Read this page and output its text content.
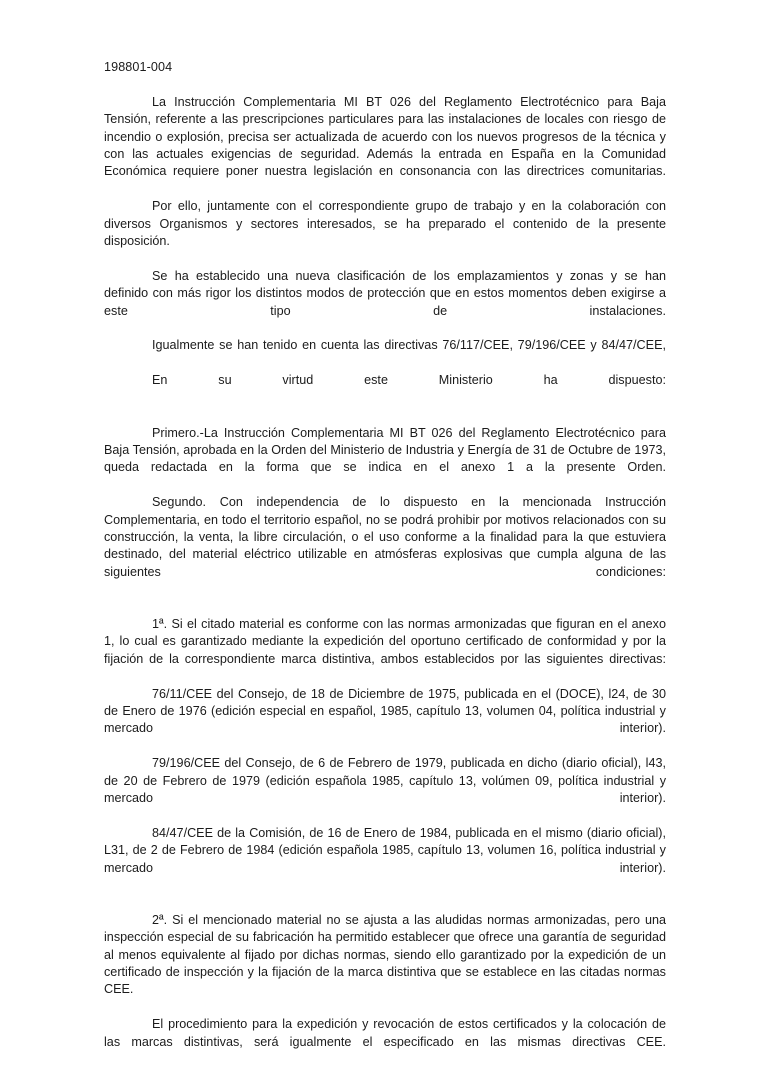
198801-004

La Instrucción Complementaria MI BT 026 del Reglamento Electrotécnico para Baja Tensión, referente a las prescripciones particulares para las instalaciones de locales con riesgo de incendio o explosión, precisa ser actualizada de acuerdo con los nuevos progresos de la técnica y con las actuales exigencias de seguridad. Además la entrada en España en la Comunidad Económica requiere poner nuestra legislación en consonancia con las directrices comunitarias.

Por ello, juntamente con el correspondiente grupo de trabajo y en la colaboración con diversos Organismos y sectores interesados, se ha preparado el contenido de la presente disposición.

Se ha establecido una nueva clasificación de los emplazamientos y zonas y se han definido con más rigor los distintos modos de protección que en estos momentos deben exigirse a este tipo de instalaciones.

Igualmente se han tenido en cuenta las directivas 76/117/CEE, 79/196/CEE y 84/47/CEE,

En su virtud este Ministerio ha dispuesto:

Primero.-La Instrucción Complementaria MI BT 026 del Reglamento Electrotécnico para Baja Tensión, aprobada en la Orden del Ministerio de Industria y Energía de 31 de Octubre de 1973, queda redactada en la forma que se indica en el anexo 1 a la presente Orden.

Segundo. Con independencia de lo dispuesto en la mencionada Instrucción Complementaria, en todo el territorio español, no se podrá prohibir por motivos relacionados con su construcción, la venta, la libre circulación, o el uso conforme a la finalidad para la que estuviera destinado, del material eléctrico utilizable en atmósferas explosivas que cumpla alguna de las siguientes condiciones:

1ª. Si el citado material es conforme con las normas armonizadas que figuran en el anexo 1, lo cual es garantizado mediante la expedición del oportuno certificado de conformidad y por la fijación de la correspondiente marca distintiva, ambos establecidos por las siguientes directivas:

76/11/CEE del Consejo, de 18 de Diciembre de 1975, publicada en el (DOCE), l24, de 30 de Enero de 1976 (edición especial en español, 1985, capítulo 13, volumen 04, política industrial y mercado interior).

79/196/CEE del Consejo, de 6 de Febrero de 1979, publicada en dicho (diario oficial), l43, de 20 de Febrero de 1979 (edición española 1985, capítulo 13, volúmen 09, política industrial y mercado interior).

84/47/CEE de la Comisión, de 16 de Enero de 1984, publicada en el mismo (diario oficial), L31, de 2 de Febrero de 1984 (edición española 1985, capítulo 13, volumen 16, política industrial y mercado interior).

2ª. Si el mencionado material no se ajusta a las aludidas normas armonizadas, pero una inspección especial de su fabricación ha permitido establecer que ofrece una garantía de seguridad al menos equivalente al fijado por dichas normas, siendo ello garantizado por la expedición de un certificado de inspección y la fijación de la marca distintiva que se establece en las citadas normas CEE.

El procedimiento para la expedición y revocación de estos certificados y la colocación de las marcas distintivas, será igualmente el especificado en las mismas directivas CEE.
